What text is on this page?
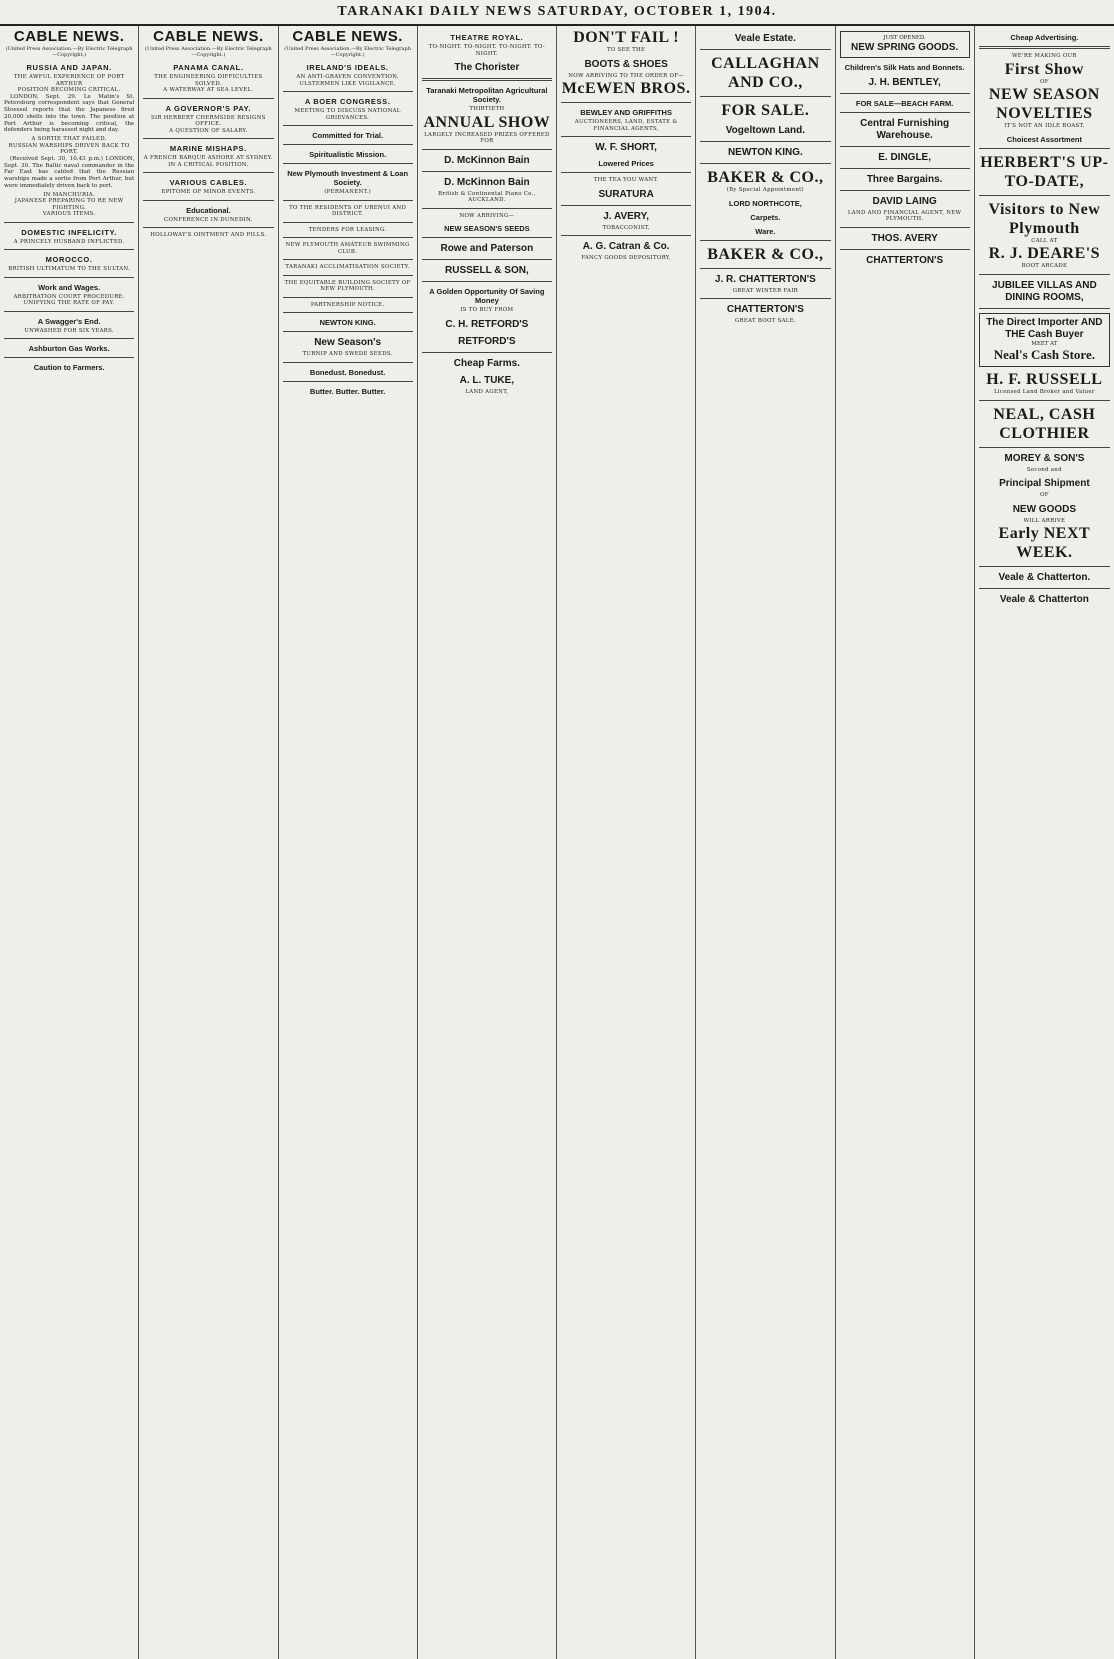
TARANAKI DAILY NEWS SATURDAY, OCTOBER 1, 1904.
CABLE NEWS.
(United Press Association.—By Electric Telegraph—Copyright.)
RUSSIA AND JAPAN.
THE AWFUL EXPERIENCE OF PORT ARTHUR
POSITION BECOMING CRITICAL.

LONDON, Sept. 29. Le Matin's St. Petersburg correspondent says that General Stoessel reports that the Japanese fired 20,000 shells into the town. The position at Port Arthur is becoming critical, the defenders being harassed night and day.

A SORTIE THAT FAILED.
RUSSIAN WARSHIPS DRIVEN BACK TO PORT.

(Received Sept. 30, 10.43 p.m.) LONDON, Sept. 30. The Baltic naval commander in the Far East has cabled that the Russian warships made a sortie from Port Arthur, but were immediately driven back to port.

IN MANCHURIA.
JAPANESE PREPARING TO RE NEW FIGHTING.
VARIOUS ITEMS.
DOMESTIC INFELICITY.
A PRINCELY HUSBAND INFLICTED.
MOROCCO.
BRITISH ULTIMATUM TO THE SULTAN.
Work and Wages.
ARBITRATION COURT PROCEDURE.
UNIFYING THE RATE OF PAY.
A Swagger's End.
UNWASHED FOR SIX YEARS.
Ashburton Gas Works.
Caution to Farmers.
CABLE NEWS.
(United Press Association.—By Electric Telegraph—Copyright.)
PANAMA CANAL.
THE ENGINEERING DIFFICULTIES SOLVED.
A WATERWAY AT SEA LEVEL.
A GOVERNOR'S PAY.
SIR HERBERT CHERMSIDE RESIGNS OFFICE.
A QUESTION OF SALARY.
MARINE MISHAPS.
A FRENCH BARQUE ASHORE AT SYDNEY.
IN A CRITICAL POSITION.
VARIOUS CABLES.
EPITOME OF MINOR EVENTS.
Educational.
CONFERENCE IN DUNEDIN.
HOLLOWAY'S OINTMENT AND PILLS.
CABLE NEWS.
(United Press Association.—By Electric Telegraph—Copyright.)
IRELAND'S IDEALS.
AN ANTI-GRAVEN CONVENTION.
ULSTERMEN LIKE VIGILANCE.
A BOER CONGRESS.
MEETING TO DISCUSS NATIONAL GRIEVANCES.
Committed for Trial.
Spiritualistic Mission.
New Plymouth Investment & Loan Society.
(PERMANENT.)
TO THE RESIDENTS OF URENUI AND DISTRICT.
TENDERS FOR LEASING.
NEW PLYMOUTH AMATEUR SWIMMING CLUB.
TARANAKI ACCLIMATISATION SOCIETY.
THE EQUITABLE BUILDING SOCIETY OF NEW PLYMOUTH.
PARTNERSHIP NOTICE.
NEWTON KING.
New Season's
TURNIP AND SWEDE SEEDS.
Bonedust. Bonedust.
Butter. Butter. Butter.
THEATRE ROYAL.
TO-NIGHT. TO-NIGHT. TO-NIGHT. TO-NIGHT.
The Chorister
Taranaki Metropolitan Agricultural Society.
THIRTIETH
ANNUAL SHOW
LARGELY INCREASED PRIZES OFFERED FOR
D. McKinnon Bain
D. McKinnon Bain
British & Continental Piano Co.,
AUCKLAND.
NOW ARRIVING—
NEW SEASON'S SEEDS
Rowe and Paterson
RUSSELL & SON,
A Golden Opportunity Of Saving Money
IS TO BUY FROM
C. H. RETFORD'S
RETFORD'S
Cheap Farms.
A. L. TUKE,
LAND AGENT,
DON'T FAIL !
TO SEE THE
BOOTS & SHOES
NOW ARRIVING TO THE ORDER OF—
McEWEN BROS.
BEWLEY AND GRIFFITHS
AUCTIONEERS, LAND, ESTATE & FINANCIAL AGENTS,
W. F. SHORT,
Lowered Prices
THE TEA YOU WANT.
SURATURA
J. AVERY,
TOBACCONIST,
A. G. Catran & Co.
FANCY GOODS DEPOSITORY,
Veale Estate.
CALLAGHAN AND CO.,
FOR SALE.
Vogeltown Land.
NEWTON KING.
BAKER & CO.,
(By Special Appointment)
LORD NORTHCOTE,
Carpets.
Ware.
BAKER & CO.,
J. R. CHATTERTON'S
GREAT WINTER FAIR
CHATTERTON'S
GREAT BOOT SALE.
JUST OPENED.
NEW SPRING GOODS.
Children's Silk Hats and Bonnets.
J. H. BENTLEY,
FOR SALE—BEACH FARM.
Central Furnishing Warehouse.
E. DINGLE,
Three Bargains.
DAVID LAING
LAND AND FINANCIAL AGENT, NEW PLYMOUTH.
THOS. AVERY
CHATTERTON'S
Cheap Advertising.
WE'RE MAKING OUR
First Show
OF
NEW SEASON NOVELTIES
IT'S NOT AN IDLE BOAST.
Choicest Assortment
HERBERT'S UP-TO-DATE,
Visitors to New Plymouth
CALL AT
R. J. DEARE'S
BOOT ARCADE
JUBILEE VILLAS AND DINING ROOMS,
The Direct Importer AND THE Cash Buyer
MEET AT
Neal's Cash Store.
H. F. RUSSELL
Licensed Land Broker and Valuer
NEAL, CASH CLOTHIER
MOREY & SON'S
Second and
Principal Shipment
OF
NEW GOODS
WILL ARRIVE
Early NEXT WEEK.
Veale & Chatterton.
Veale & Chatterton
